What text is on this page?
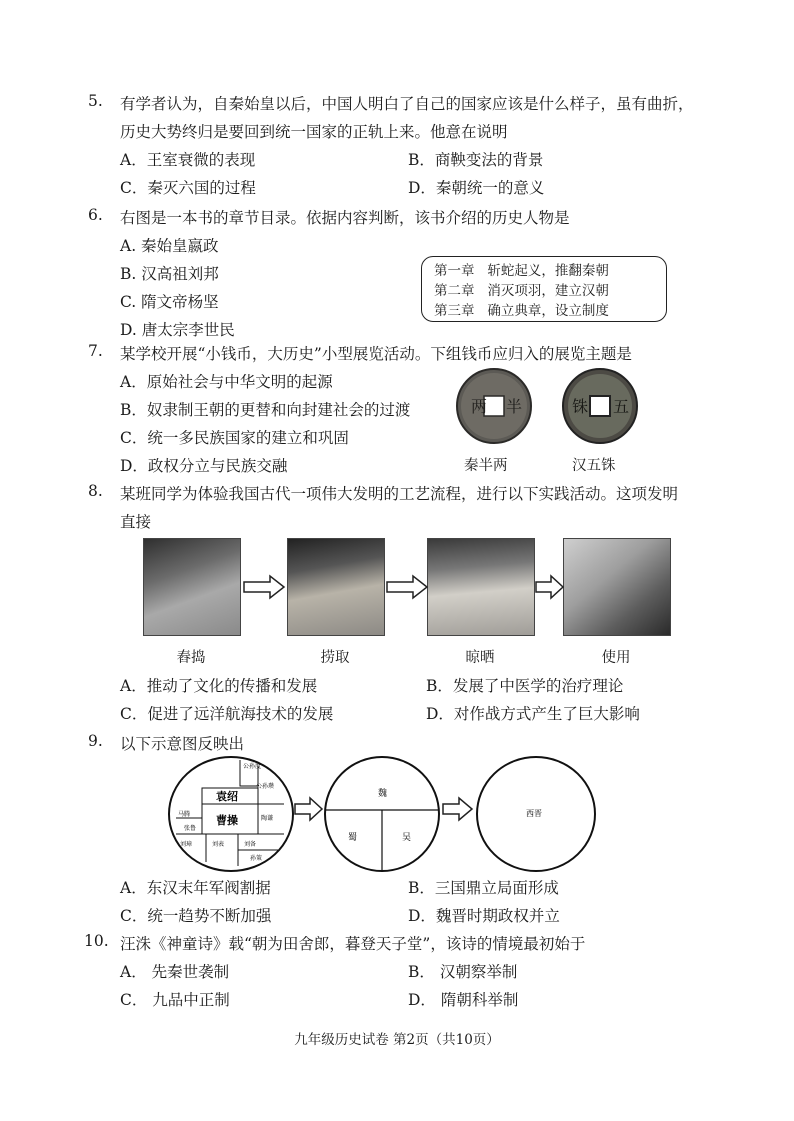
5. 有学者认为，自秦始皇以后，中国人明白了自己的国家应该是什么样子，虽有曲折，
历史大势终归是要回到统一国家的正轨上来。他意在说明
A．王室衰微的表现	B．商鞅变法的背景
C．秦灭六国的过程	D．秦朝统一的意义
6. 右图是一本书的章节目录。依据内容判断，该书介绍的历史人物是
A. 秦始皇嬴政
B. 汉高祖刘邦
C. 隋文帝杨坚
D. 唐太宗李世民
第一章   斩蛇起义，推翻秦朝
第二章   消灭项羽，建立汉朝
第三章   确立典章，设立制度
7. 某学校开展“小钱币，大历史”小型展览活动。下组钱币应归入的展览主题是
A．原始社会与中华文明的起源
B．奴隶制王朝的更替和向封建社会的过渡
C．统一多民族国家的建立和巩固
D．政权分立与民族交融
两 半	五
铢
秦半两	汉五铢
8. 某班同学为体验我国古代一项伟大发明的工艺流程，进行以下实践活动。这项发明
直接
舂捣	捞取	晾晒	使用
A．推动了文化的传播和发展	B．发展了中医学的治疗理论
C．促进了远洋航海技术的发展	D．对作战方式产生了巨大影响
9. 以下示意图反映出
公孙度
公孙瓒
袁绍
曹操
马腾
张鲁
陶谦
刘璋	刘表	刘备
孙策
魏
蜀	吴
西晋
A．东汉末年军阀割据	B．三国鼎立局面形成
C．统一趋势不断加强	D．魏晋时期政权并立
10. 汪洙《神童诗》载“朝为田舍郎，暮登天子堂”，该诗的情境最初始于
A． 先秦世袭制	B． 汉朝察举制
C． 九品中正制	D． 隋朝科举制
九年级历史试卷 第2页（共10页）
